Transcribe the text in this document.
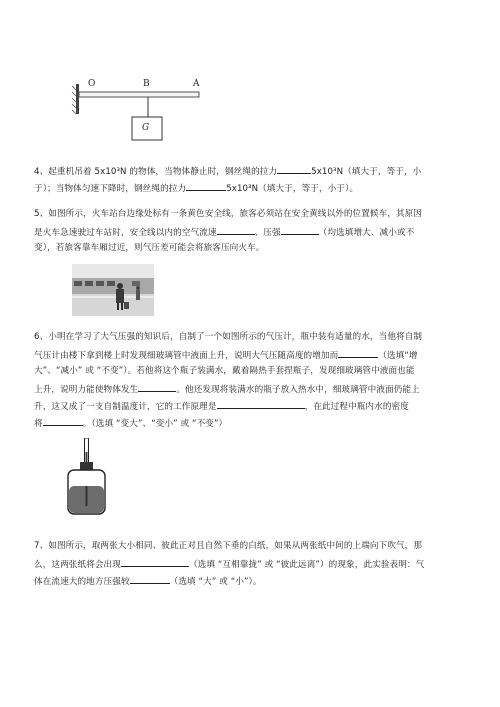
O	B	A
G
4、起重机吊着 5x10³N 的物体，当物体静止时，钢丝绳的拉力	5x10³N（填大于，等于，小
于）；当物体匀速下降时，钢丝绳的拉力	5x10³N（填大于，等于，小于）。
5、如图所示，火车站台边缘处标有一条黄色安全线，旅客必须站在安全黄线以外的位置候车，其原因
是火车急速驶过车站时，安全线以内的空气流速	、压强	（均选填增大、减小或不
变），若旅客靠车厢过近，则气压差可能会将旅客压向火车。
6、小明在学习了大气压强的知识后，自制了一个如图所示的气压计，瓶中装有适量的水，当他将自制
气压计由楼下拿到楼上时发现细玻璃管中液面上升，说明大气压随高度的增加而	（选填“增
大”、“减小” 或 “不变”）。若他将这个瓶子装满水，戴着隔热手套捏瓶子，发现细玻璃管中液面也能
上升，说明力能使物体发生	。他还发现将装满水的瓶子放入热水中，细玻璃管中液面仍能上
升，这又成了一支自制温度计，它的工作原理是	，在此过程中瓶内水的密度
将	。（选填 “变大”、“变小” 或 “不变”）
7、如图所示，取两张大小相同、彼此正对且自然下垂的白纸，如果从两张纸中间的上端向下吹气，那
么，这两张纸将会出现	（选填 “互相靠拢” 或 “彼此远离”）的现象，此实验表明：气
体在流速大的地方压强较	（选填 “大” 或 “小”）。
